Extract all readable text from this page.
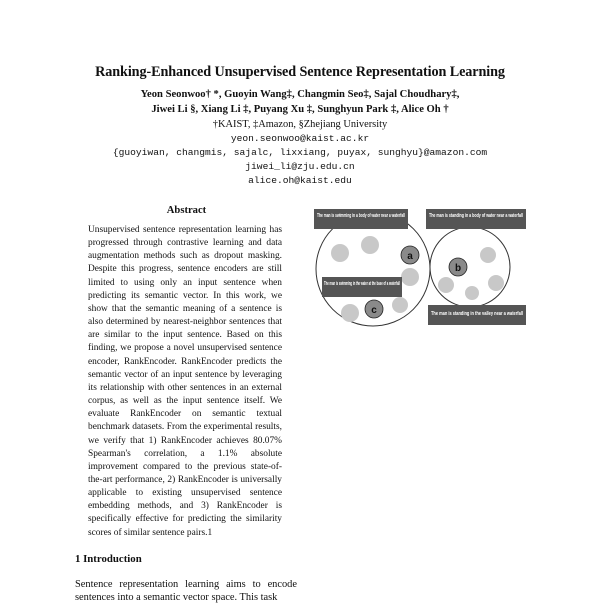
Ranking-Enhanced Unsupervised Sentence Representation Learning
Yeon Seonwoo† *, Guoyin Wang‡, Changmin Seo‡, Sajal Choudhary‡,
Jiwei Li §, Xiang Li ‡, Puyang Xu ‡, Sunghyun Park ‡, Alice Oh †
†KAIST, ‡Amazon, §Zhejiang University
yeon.seonwoo@kaist.ac.kr
{guoyiwan, changmis, sajalc, lixxiang, puyax, sunghyu}@amazon.com
jiwei_li@zju.edu.cn
alice.oh@kaist.edu
Abstract
Unsupervised sentence representation learning has progressed through contrastive learning and data augmentation methods such as dropout masking. Despite this progress, sentence encoders are still limited to using only an input sentence when predicting its semantic vector. In this work, we show that the semantic meaning of a sentence is also determined by nearest-neighbor sentences that are similar to the input sentence. Based on this finding, we propose a novel unsupervised sentence encoder, RankEncoder. RankEncoder predicts the semantic vector of an input sentence by leveraging its relationship with other sentences in an external corpus, as well as the input sentence itself. We evaluate RankEncoder on semantic textual benchmark datasets. From the experimental results, we verify that 1) RankEncoder achieves 80.07% Spearman's correlation, a 1.1% absolute improvement compared to the previous state-of-the-art performance, 2) RankEncoder is universally applicable to existing unsupervised sentence embedding methods, and 3) RankEncoder is specifically effective for predicting the similarity scores of similar sentence pairs.1
1 Introduction
Sentence representation learning aims to encode sentences into a semantic vector space. This task
a
b
c
The man is swimming in a body of water near a waterfall	The man is standing in a body of water near a waterfall
The man is swimming in the water at the base of a waterfall
The man is standing in the valley near a waterfall
